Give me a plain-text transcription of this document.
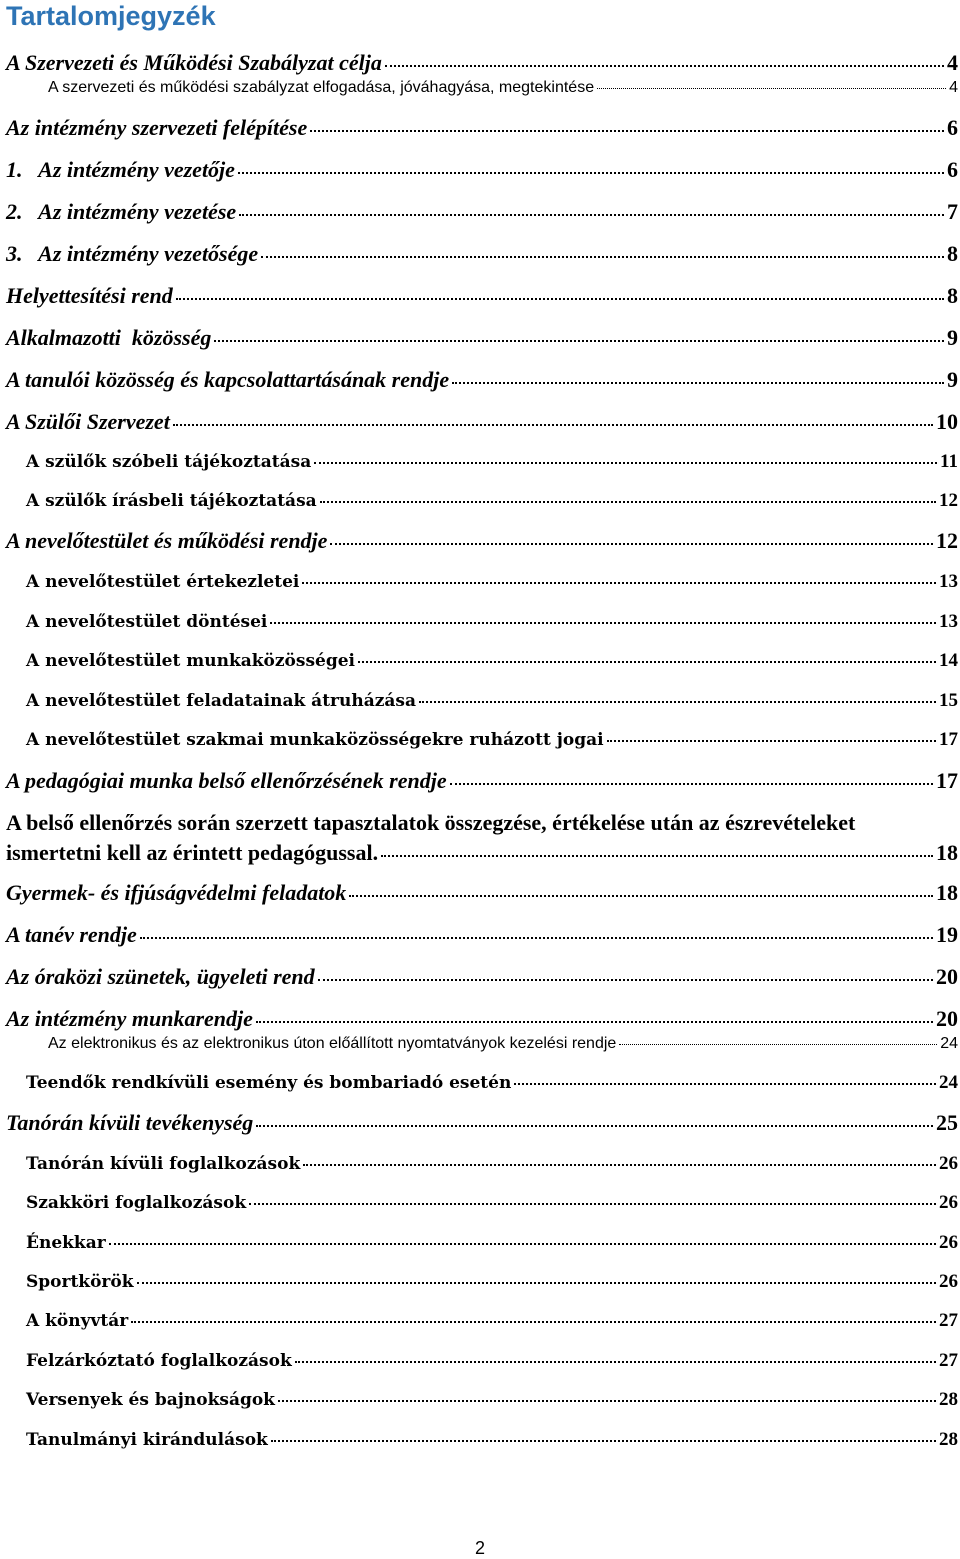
Tartalomjegyzék
A Szervezeti és Működési Szabályzat célja	4
A szervezeti és működési szabályzat elfogadása, jóváhagyása, megtekintése	4
Az intézmény szervezeti felépítése	6
1.   Az intézmény vezetője	6
2.   Az intézmény vezetése	7
3.   Az intézmény vezetősége	8
Helyettesítési rend	8
Alkalmazotti  közösség	9
A tanulói közösség és kapcsolattartásának rendje	9
A Szülői Szervezet	10
A szülők szóbeli tájékoztatása	11
A szülők írásbeli tájékoztatása	12
A nevelőtestület és működési rendje	12
A nevelőtestület értekezletei	13
A nevelőtestület döntései	13
A nevelőtestület munkaközösségei	14
A nevelőtestület feladatainak átruházása	15
A nevelőtestület szakmai munkaközösségekre ruházott jogai	17
A pedagógiai munka belső ellenőrzésének rendje	17
A belső ellenőrzés során szerzett tapasztalatok összegzése, értékelése után az észrevételeket
ismertetni kell az érintett pedagógussal.	18
Gyermek- és ifjúságvédelmi feladatok	18
A tanév rendje	19
Az óraközi szünetek, ügyeleti rend	20
Az intézmény munkarendje	20
Az elektronikus és az elektronikus úton előállított nyomtatványok kezelési rendje	24
Teendők rendkívüli esemény és bombariadó esetén	24
Tanórán kívüli tevékenység	25
Tanórán kívüli foglalkozások	26
Szakköri foglalkozások	26
Énekkar	26
Sportkörök	26
A könyvtár	27
Felzárkóztató foglalkozások	27
Versenyek és bajnokságok	28
Tanulmányi kirándulások	28
2
